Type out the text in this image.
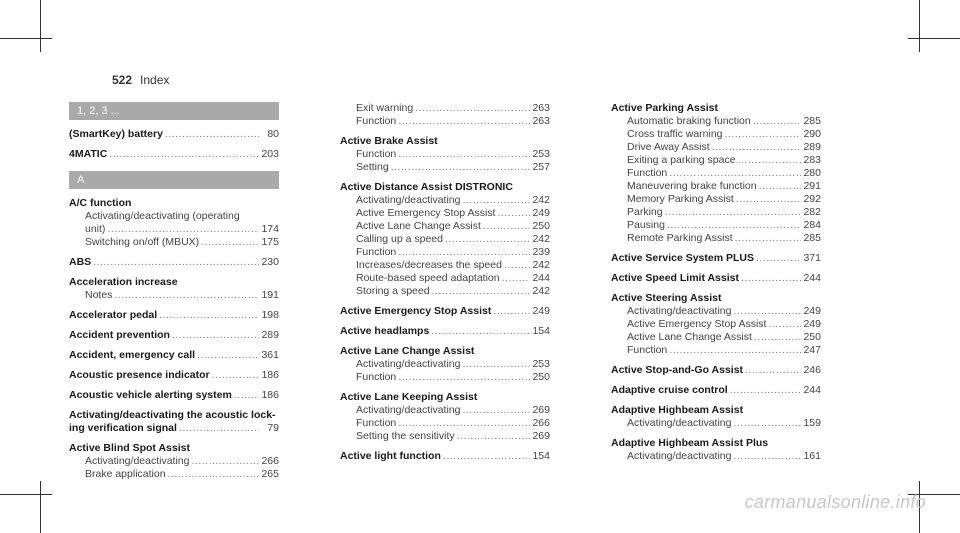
522 Index
1, 2, 3 ...
(SmartKey) battery .....	80
4MATIC .....	203
A
A/C function
Activating/deactivating (operating
unit) .....	174
Switching on/off (MBUX) .....	175
ABS .....	230
Acceleration increase
Notes .....	191
Accelerator pedal .....	198
Accident prevention .....	289
Accident, emergency call .....	361
Acoustic presence indicator .....	186
Acoustic vehicle alerting system .....	186
Activating/deactivating the acoustic lock-
ing verification signal .....	79
Active Blind Spot Assist
Activating/deactivating .....	266
Brake application .....	265
Exit warning .....	263
Function .....	263
Active Brake Assist
Function .....	253
Setting .....	257
Active Distance Assist DISTRONIC
Activating/deactivating .....	242
Active Emergency Stop Assist .....	249
Active Lane Change Assist .....	250
Calling up a speed .....	242
Function .....	239
Increases/decreases the speed .....	242
Route-based speed adaptation .....	244
Storing a speed .....	242
Active Emergency Stop Assist .....	249
Active headlamps .....	154
Active Lane Change Assist
Activating/deactivating .....	253
Function .....	250
Active Lane Keeping Assist
Activating/deactivating .....	269
Function .....	266
Setting the sensitivity .....	269
Active light function .....	154
Active Parking Assist
Automatic braking function .....	285
Cross traffic warning .....	290
Drive Away Assist .....	289
Exiting a parking space .....	283
Function .....	280
Maneuvering brake function .....	291
Memory Parking Assist .....	292
Parking .....	282
Pausing .....	284
Remote Parking Assist .....	285
Active Service System PLUS .....	371
Active Speed Limit Assist .....	244
Active Steering Assist
Activating/deactivating .....	249
Active Emergency Stop Assist .....	249
Active Lane Change Assist .....	250
Function .....	247
Active Stop-and-Go Assist .....	246
Adaptive cruise control .....	244
Adaptive Highbeam Assist
Activating/deactivating .....	159
Adaptive Highbeam Assist Plus
Activating/deactivating .....	161
carmanualsonline.info
